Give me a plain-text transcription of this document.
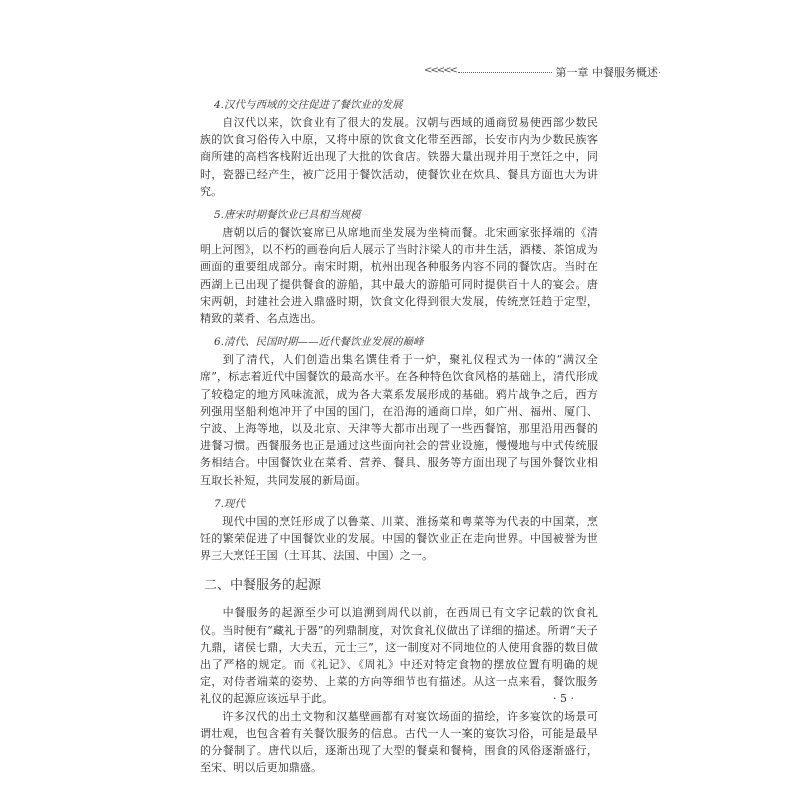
<<<<<	第一章 中餐服务概述

4.汉代与西域的交往促进了餐饮业的发展

自汉代以来，饮食业有了很大的发展。汉朝与西域的通商贸易使西部少数民族的饮食习俗传入中原，又将中原的饮食文化带至西部，长安市内为少数民族客商所建的高档客栈附近出现了大批的饮食店。铁器大量出现并用于烹饪之中，同时，瓷器已经产生，被广泛用于餐饮活动，使餐饮业在炊具、餐具方面也大为讲究。

5.唐宋时期餐饮业已具相当规模

唐朝以后的餐饮宴席已从席地而坐发展为坐椅而餐。北宋画家张择端的《清明上河图》，以不朽的画卷向后人展示了当时汴梁人的市井生活，酒楼、茶馆成为画面的重要组成部分。南宋时期，杭州出现各种服务内容不同的餐饮店。当时在西湖上已出现了提供餐食的游船，其中最大的游船可同时提供百十人的宴会。唐宋两朝，封建社会进入鼎盛时期，饮食文化得到很大发展，传统烹饪趋于定型，精致的菜肴、名点选出。

6.清代、民国时期——近代餐饮业发展的巅峰

到了清代，人们创造出集名馔佳肴于一炉，聚礼仪程式为一体的“满汉全席”，标志着近代中国餐饮的最高水平。在各种特色饮食风格的基础上，清代形成了较稳定的地方风味流派，成为各大菜系发展形成的基础。鸦片战争之后，西方列强用坚船利炮冲开了中国的国门，在沿海的通商口岸，如广州、福州、厦门、宁波、上海等地，以及北京、天津等大都市出现了一些西餐馆，那里沿用西餐的进餐习惯。西餐服务也正是通过这些面向社会的营业设施，慢慢地与中式传统服务相结合。中国餐饮业在菜肴、营养、餐具、服务等方面出现了与国外餐饮业相互取长补短，共同发展的新局面。

7.现代

现代中国的烹饪形成了以鲁菜、川菜、淮扬菜和粤菜等为代表的中国菜，烹饪的繁荣促进了中国餐饮业的发展。中国的餐饮业正在走向世界。中国被誉为世界三大烹饪王国（土耳其、法国、中国）之一。

二、中餐服务的起源

中餐服务的起源至少可以追溯到周代以前，在西周已有文字记载的饮食礼仪。当时便有“藏礼于器”的列鼎制度，对饮食礼仪做出了详细的描述。所谓“天子九鼎，诸侯七鼎，大夫五，元士三”，这一制度对不同地位的人使用食器的数目做出了严格的规定。而《礼记》、《周礼》中还对特定食物的摆放位置有明确的规定，对侍者端菜的姿势、上菜的方向等细节也有描述。从这一点来看，餐饮服务礼仪的起源应该远早于此。

许多汉代的出土文物和汉墓壁画都有对宴饮场面的描绘，许多宴饮的场景可谓壮观，也包含着有关餐饮服务的信息。古代一人一案的宴饮习俗，可能是最早的分餐制了。唐代以后，逐渐出现了大型的餐桌和餐椅，围食的风俗逐渐盛行，至宋、明以后更加鼎盛。

· 5 ·
